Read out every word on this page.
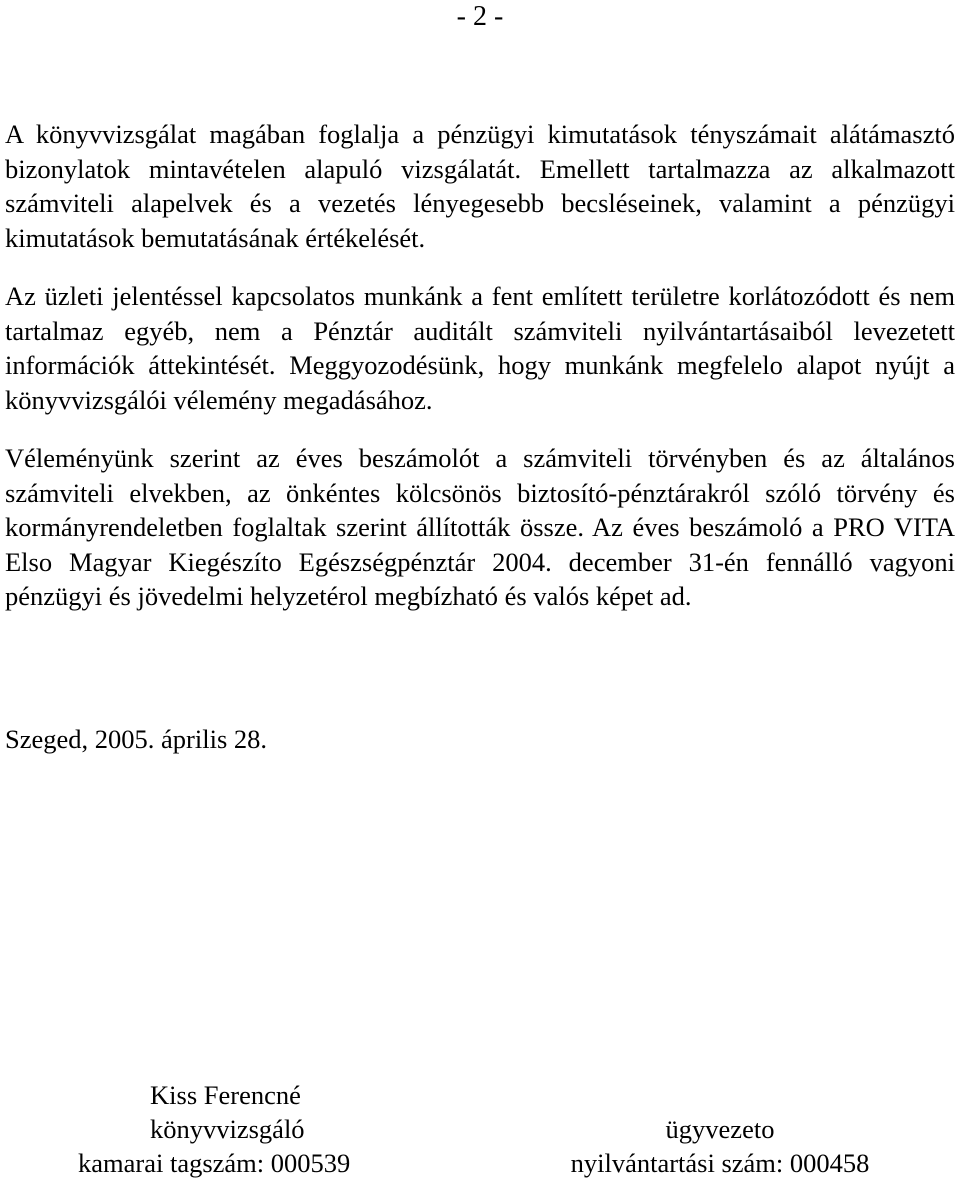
- 2 -

A könyvvizsgálat magában foglalja a pénzügyi kimutatások tényszámait alátámasztó bizonylatok mintavételen alapuló vizsgálatát. Emellett tartalmazza az alkalmazott számviteli alapelvek és a vezetés lényegesebb becsléseinek, valamint a pénzügyi kimutatások bemutatásának értékelését.

Az üzleti jelentéssel kapcsolatos munkánk a fent említett területre korlátozódott és nem tartalmaz egyéb, nem a Pénztár auditált számviteli nyilvántartásaiból levezetett információk áttekintését. Meggyozodésünk, hogy munkánk megfelelo alapot nyújt a könyvvizsgálói vélemény megadásához.

Véleményünk szerint az éves beszámolót a számviteli törvényben és az általános számviteli elvekben, az önkéntes kölcsönös biztosító-pénztárakról szóló törvény és kormányrendeletben foglaltak szerint állították össze. Az éves beszámoló a PRO VITA Elso Magyar Kiegészíto Egészségpénztár 2004. december 31-én fennálló vagyoni pénzügyi és jövedelmi helyzetérol megbízható és valós képet ad.

Szeged, 2005. április 28.

Kiss Ferencné
könyvvizsgáló
kamarai tagszám: 000539
ügyvezeto
nyilvántartási szám: 000458
